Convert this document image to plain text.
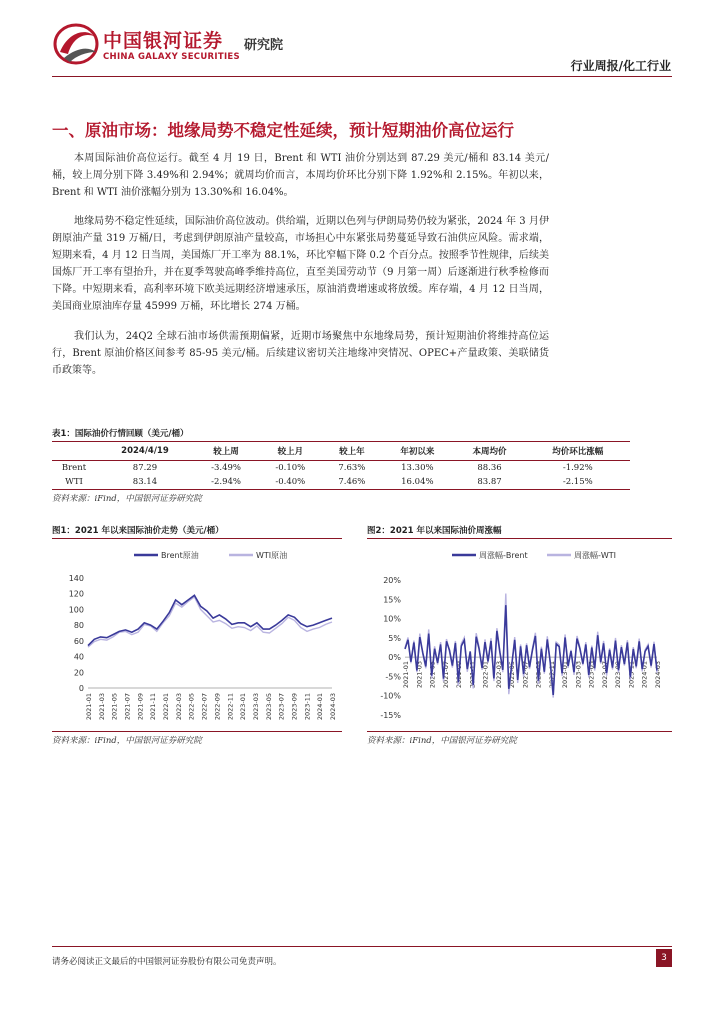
中国银河证券
CHINA GALAXY SECURITIES
研究院
行业周报/化工行业
一、原油市场：地缘局势不稳定性延续，预计短期油价高位运行

本周国际油价高位运行。截至 4 月 19 日，Brent 和 WTI 油价分别达到 87.29 美元/桶和 83.14 美元/桶，较上周分别下降 3.49%和 2.94%；就周均价而言，本周均价环比分别下降 1.92%和 2.15%。年初以来，Brent 和 WTI 油价涨幅分别为 13.30%和 16.04%。

地缘局势不稳定性延续，国际油价高位波动。供给端，近期以色列与伊朗局势仍较为紧张，2024 年 3 月伊朗原油产量 319 万桶/日，考虑到伊朗原油产量较高，市场担心中东紧张局势蔓延导致石油供应风险。需求端，短期来看，4 月 12 日当周，美国炼厂开工率为 88.1%，环比窄幅下降 0.2 个百分点。按照季节性规律，后续美国炼厂开工率有望抬升，并在夏季驾驶高峰季维持高位，直至美国劳动节（9 月第一周）后逐渐进行秋季检修而下降。中短期来看，高利率环境下欧美远期经济增速承压，原油消费增速或将放缓。库存端，4 月 12 日当周，美国商业原油库存量 45999 万桶，环比增长 274 万桶。

我们认为，24Q2 全球石油市场供需预期偏紧，近期市场聚焦中东地缘局势，预计短期油价将维持高位运行，Brent 原油价格区间参考 85-95 美元/桶。后续建议密切关注地缘冲突情况、OPEC+产量政策、美联储货币政策等。

表1：国际油价行情回顾（美元/桶）
	2024/4/19	较上周	较上月	较上年	年初以来	本周均价	均价环比涨幅
Brent	87.29	-3.49%	-0.10%	7.63%	13.30%	88.36	-1.92%
WTI	83.14	-2.94%	-0.40%	7.46%	16.04%	83.87	-2.15%
资料来源：iFind，中国银河证券研究院
图1：2021 年以来国际油价走势（美元/桶）
Brent原油	WTI原油
0
20
40
60
80
100
120
140
2021-01 2021-03 2021-05 2021-07 2021-09 2021-11 2022-01 2022-03 2022-05 2022-07 2022-09 2022-11 2023-01 2023-03 2023-05 2023-07 2023-09 2023-11 2024-01 2024-03
资料来源：iFind，中国银河证券研究院
图2：2021 年以来国际油价周涨幅
周涨幅-Brent	周涨幅-WTI
-15%
-10%
-5%
0%
5%
10%
15%
20%
2021-01 2021-03 2021-05 2021-07 2021-09 2021-11 2022-01 2022-03 2022-05 2022-07 2022-09 2022-11 2023-01 2023-03 2023-05 2023-07 2023-09 2023-11 2024-01 2024-03
资料来源：iFind，中国银河证券研究院
请务必阅读正文最后的中国银河证券股份有限公司免责声明。	3
